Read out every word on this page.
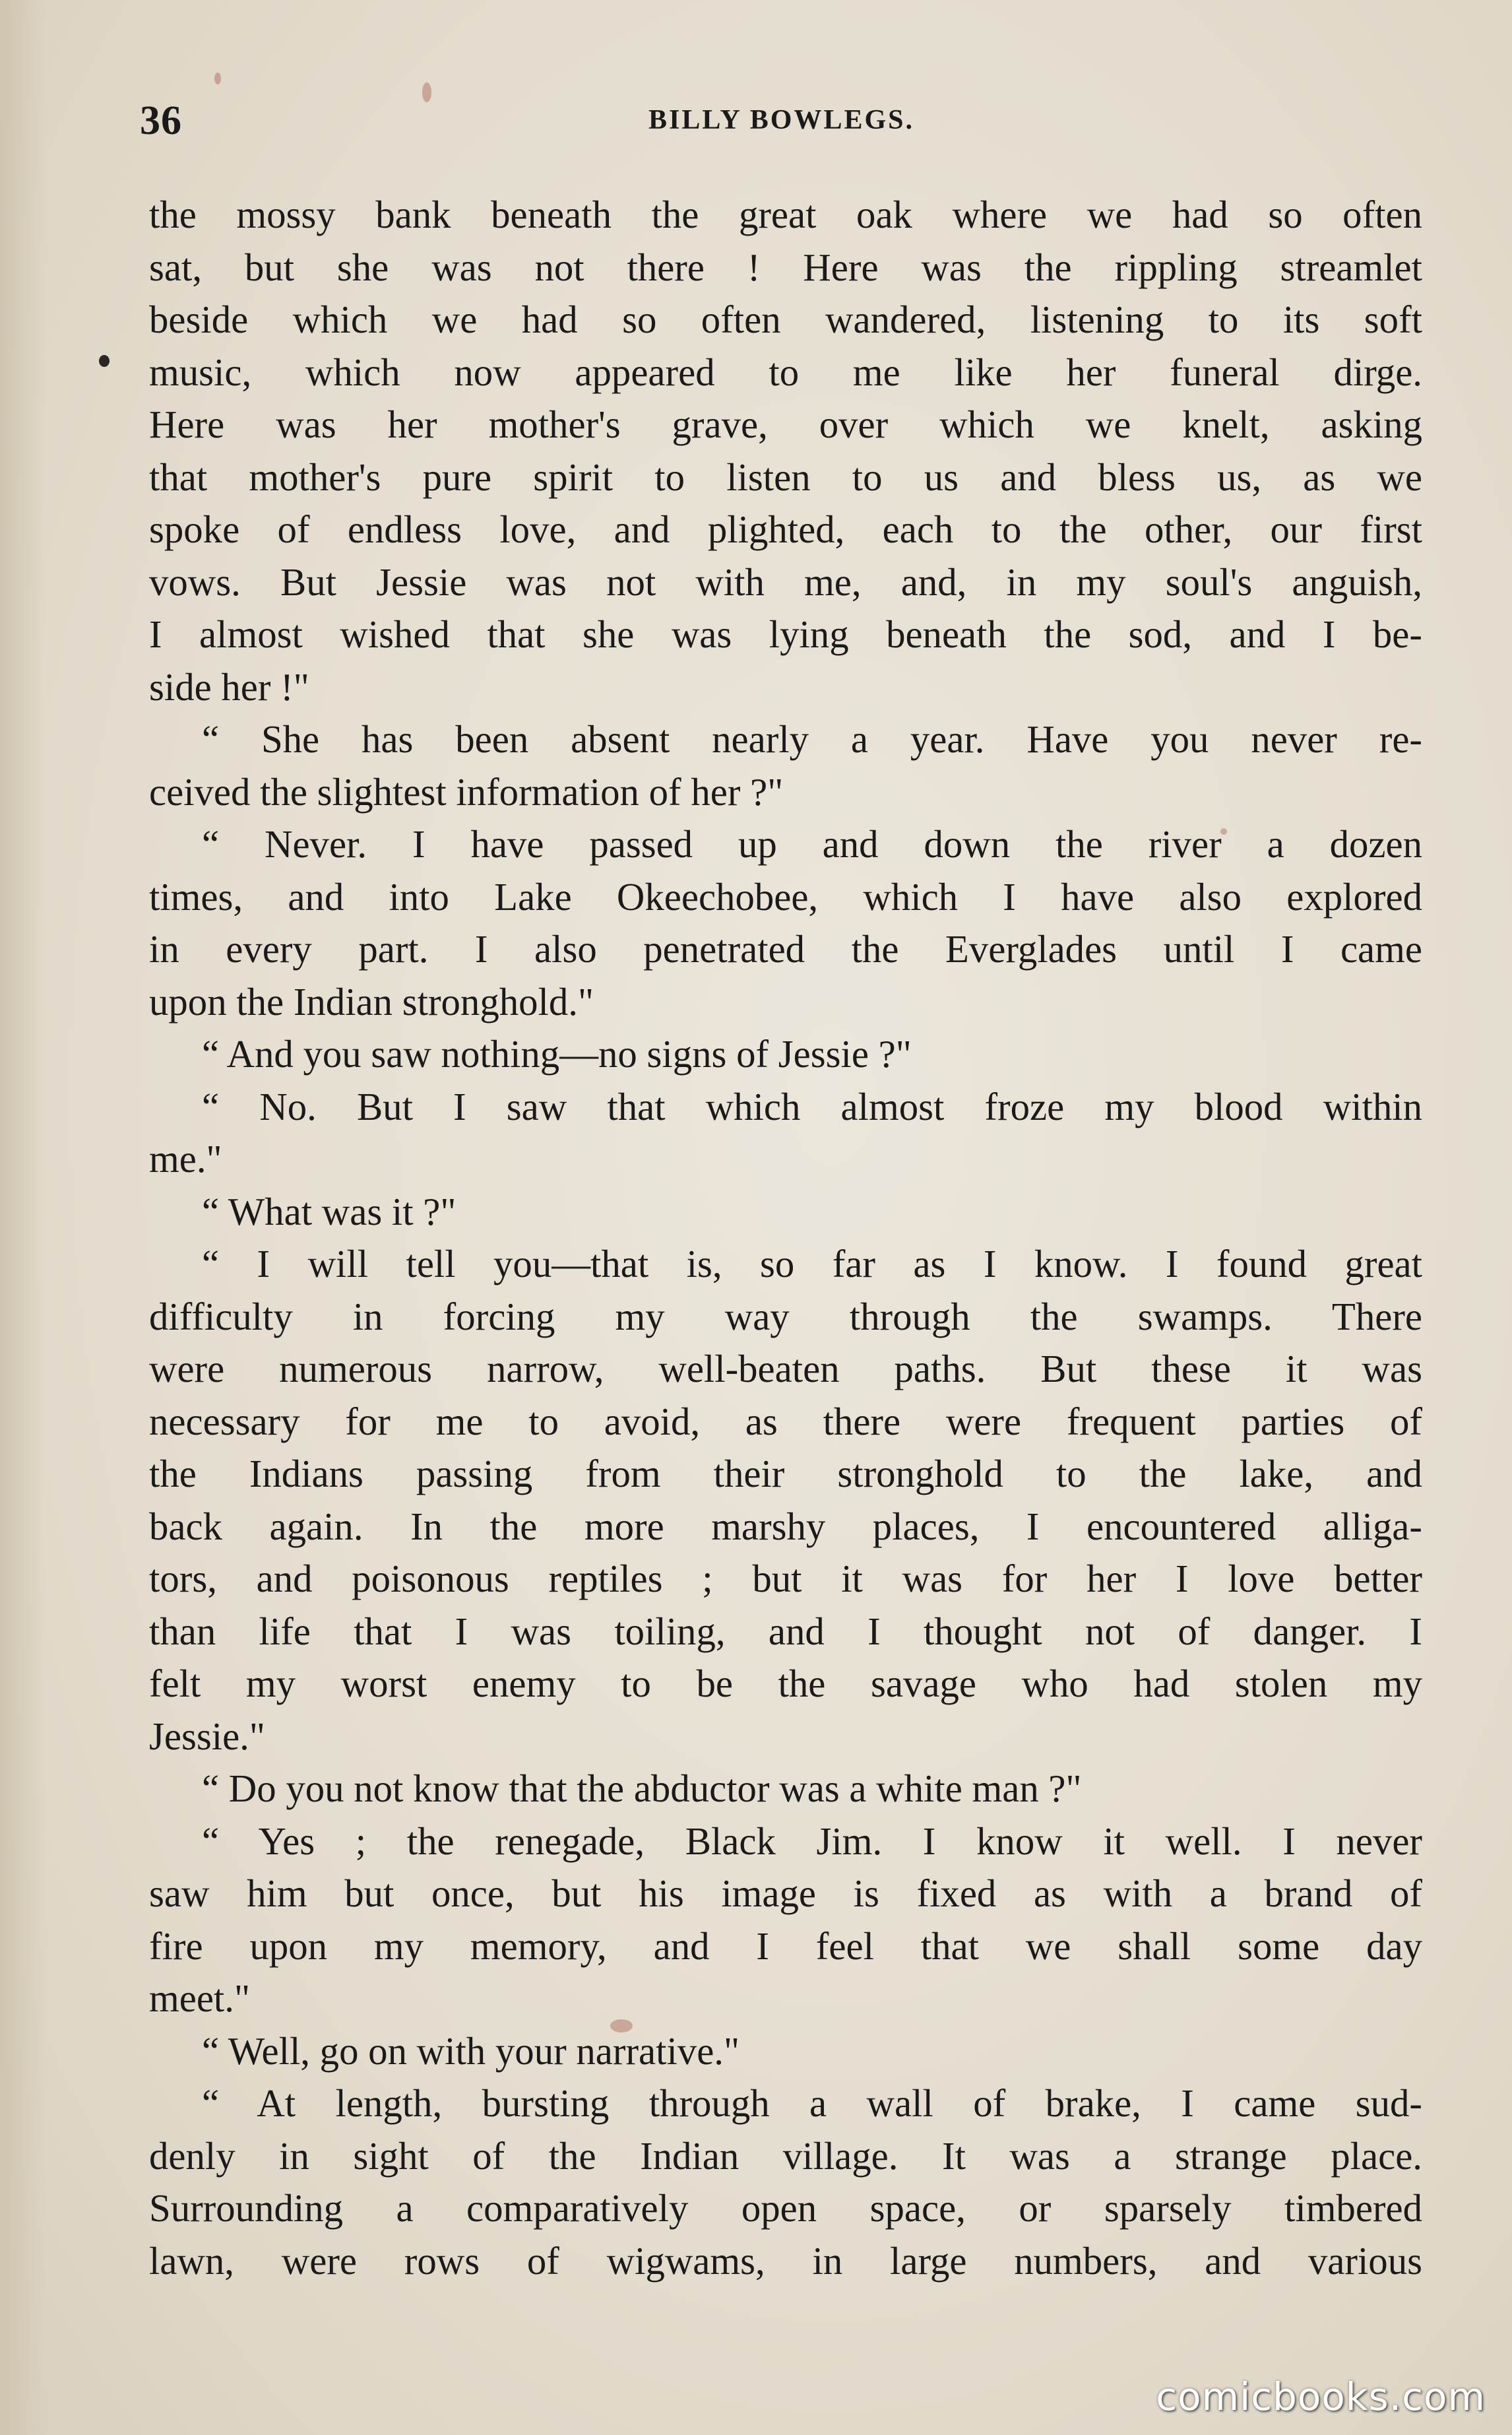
36	BILLY BOWLEGS.
the mossy bank beneath the great oak where we had so often
sat, but she was not there ! Here was the rippling streamlet
beside which we had so often wandered, listening to its soft
music, which now appeared to me like her funeral dirge.
Here was her mother's grave, over which we knelt, asking
that mother's pure spirit to listen to us and bless us, as we
spoke of endless love, and plighted, each to the other, our first
vows. But Jessie was not with me, and, in my soul's anguish,
I almost wished that she was lying beneath the sod, and I be-
side her !"
“ She has been absent nearly a year. Have you never re-
ceived the slightest information of her ?"
“ Never. I have passed up and down the river a dozen
times, and into Lake Okeechobee, which I have also explored
in every part. I also penetrated the Everglades until I came
upon the Indian stronghold."
“ And you saw nothing—no signs of Jessie ?"
“ No. But I saw that which almost froze my blood within
me."
“ What was it ?"
“ I will tell you—that is, so far as I know. I found great
difficulty in forcing my way through the swamps. There
were numerous narrow, well-beaten paths. But these it was
necessary for me to avoid, as there were frequent parties of
the Indians passing from their stronghold to the lake, and
back again. In the more marshy places, I encountered alliga-
tors, and poisonous reptiles ; but it was for her I love better
than life that I was toiling, and I thought not of danger. I
felt my worst enemy to be the savage who had stolen my
Jessie."
“ Do you not know that the abductor was a white man ?"
“ Yes ; the renegade, Black Jim. I know it well. I never
saw him but once, but his image is fixed as with a brand of
fire upon my memory, and I feel that we shall some day
meet."
“ Well, go on with your narrative."
“ At length, bursting through a wall of brake, I came sud-
denly in sight of the Indian village. It was a strange place.
Surrounding a comparatively open space, or sparsely timbered
lawn, were rows of wigwams, in large numbers, and various
comicbooks.com
